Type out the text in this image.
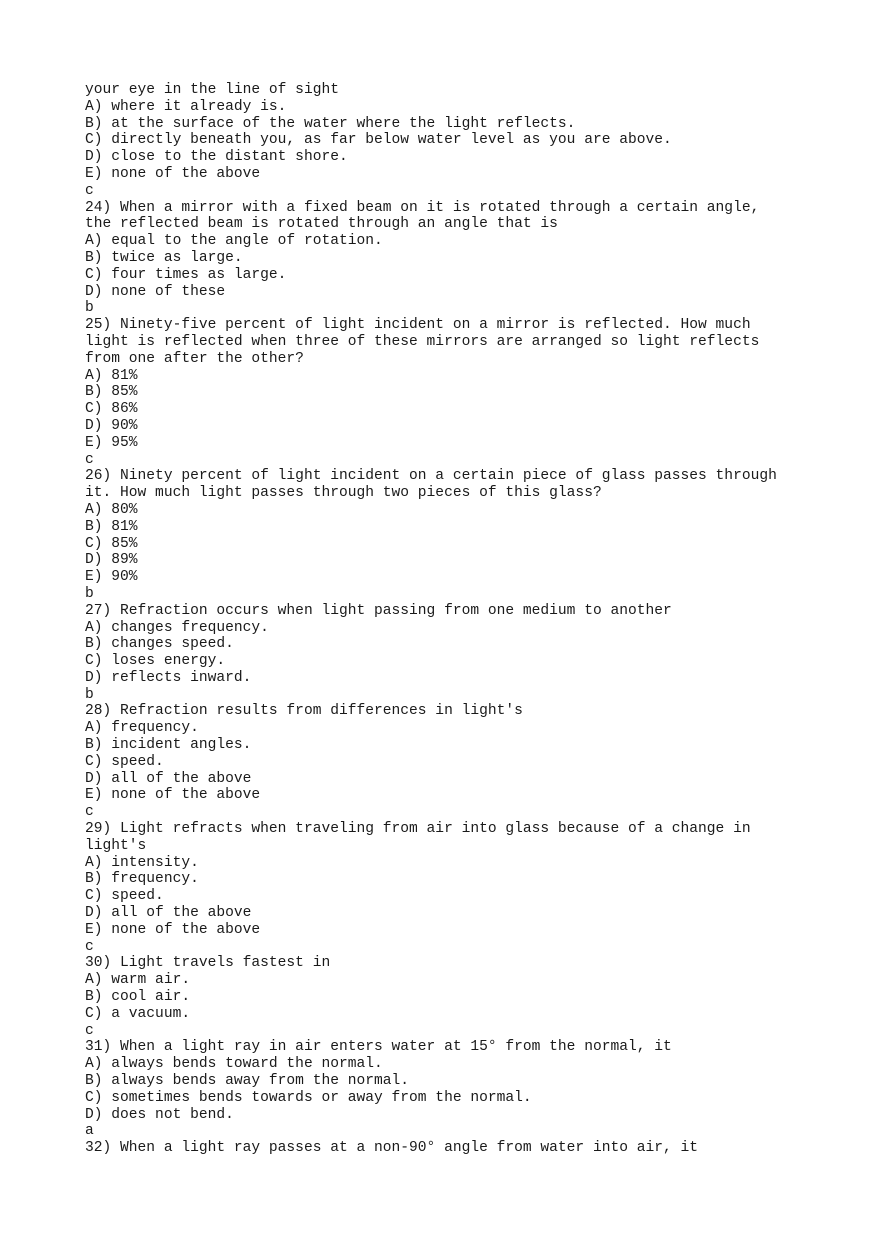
your eye in the line of sight
A) where it already is.
B) at the surface of the water where the light reflects.
C) directly beneath you, as far below water level as you are above.
D) close to the distant shore.
E) none of the above
c
24) When a mirror with a fixed beam on it is rotated through a certain angle,
the reflected beam is rotated through an angle that is
A) equal to the angle of rotation.
B) twice as large.
C) four times as large.
D) none of these
b
25) Ninety-five percent of light incident on a mirror is reflected. How much
light is reflected when three of these mirrors are arranged so light reflects
from one after the other?
A) 81%
B) 85%
C) 86%
D) 90%
E) 95%
c
26) Ninety percent of light incident on a certain piece of glass passes through
it. How much light passes through two pieces of this glass?
A) 80%
B) 81%
C) 85%
D) 89%
E) 90%
b
27) Refraction occurs when light passing from one medium to another
A) changes frequency.
B) changes speed.
C) loses energy.
D) reflects inward.
b
28) Refraction results from differences in light's
A) frequency.
B) incident angles.
C) speed.
D) all of the above
E) none of the above
c
29) Light refracts when traveling from air into glass because of a change in
light's
A) intensity.
B) frequency.
C) speed.
D) all of the above
E) none of the above
c
30) Light travels fastest in
A) warm air.
B) cool air.
C) a vacuum.
c
31) When a light ray in air enters water at 15° from the normal, it
A) always bends toward the normal.
B) always bends away from the normal.
C) sometimes bends towards or away from the normal.
D) does not bend.
a
32) When a light ray passes at a non-90° angle from water into air, it
